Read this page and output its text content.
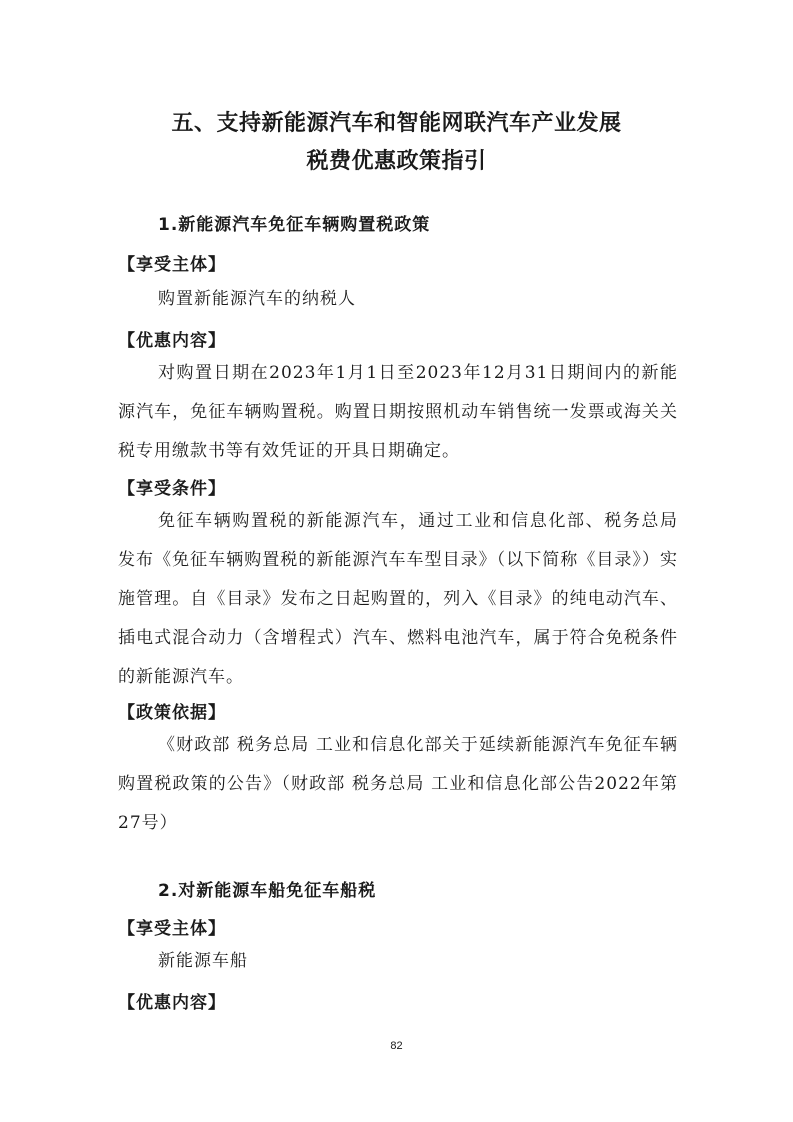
五、支持新能源汽车和智能网联汽车产业发展
税费优惠政策指引
1.新能源汽车免征车辆购置税政策
【享受主体】
购置新能源汽车的纳税人
【优惠内容】
对购置日期在2023年1月1日至2023年12月31日期间内的新能源汽车，免征车辆购置税。购置日期按照机动车销售统一发票或海关关税专用缴款书等有效凭证的开具日期确定。
【享受条件】
免征车辆购置税的新能源汽车，通过工业和信息化部、税务总局发布《免征车辆购置税的新能源汽车车型目录》（以下简称《目录》）实施管理。自《目录》发布之日起购置的，列入《目录》的纯电动汽车、插电式混合动力（含增程式）汽车、燃料电池汽车，属于符合免税条件的新能源汽车。
【政策依据】
《财政部 税务总局 工业和信息化部关于延续新能源汽车免征车辆购置税政策的公告》（财政部 税务总局 工业和信息化部公告2022年第27号）
2.对新能源车船免征车船税
【享受主体】
新能源车船
【优惠内容】
82
